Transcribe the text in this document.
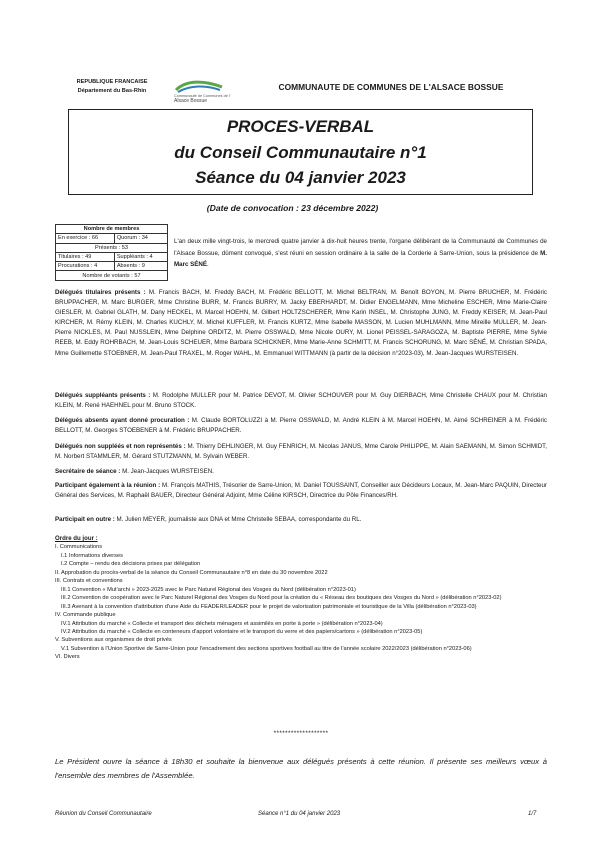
REPUBLIQUE FRANCAISE
Département du Bas-Rhin
Communauté de Communes de l'
Alsace Bossue
COMMUNAUTE DE COMMUNES DE L'ALSACE BOSSUE
PROCES-VERBAL
du Conseil Communautaire n°1
Séance du 04 janvier 2023
(Date de convocation : 23 décembre 2022)
Nombre de membres	
En exercice : 66	Quorum : 34
Présents : 53	
Titulaires : 49	Suppléants : 4
Procurations : 4	Absents : 9
Nombre de votants : 57	
L'an deux mille vingt-trois, le mercredi quatre janvier à dix-huit heures trente, l'organe délibérant de la Communauté de Communes de l'Alsace Bossue, dûment convoqué, s'est réuni en session ordinaire à la salle de la Corderie à Sarre-Union, sous la présidence de M. Marc SÉNÉ.
Délégués titulaires présents : M. Francis BACH, M. Freddy BACH, M. Frédéric BELLOTT, M. Michel BELTRAN, M. Benoît BOYON, M. Pierre BRUCHER, M. Frédéric BRUPPACHER, M. Marc BURGER, Mme Christine BURR, M. Francis BURRY, M. Jacky EBERHARDT, M. Didier ENGELMANN, Mme Micheline ESCHER, Mme Marie-Claire GIESLER, M. Gabriel GLATH, M. Dany HECKEL, M. Marcel HOEHN, M. Gilbert HOLTZSCHERER, Mme Karin INSEL, M. Christophe JUNG, M. Freddy KEISER, M. Jean-Paul KIRCHER, M. Rémy KLEIN, M. Charles KUCHLY, M. Michel KUFFLER, M. Francis KURTZ, Mme Isabelle MASSON, M. Lucien MUHLMANN, Mme Mireille MULLER, M. Jean-Pierre NICKLES, M. Paul NUSSLEIN, Mme Delphine ORDITZ, M. Pierre OSSWALD, Mme Nicole OURY, M. Lionel PEISSEL-SARAGOZA, M. Baptiste PIERRE, Mme Sylvie REEB, M. Eddy ROHRBACH, M. Jean-Louis SCHEUER, Mme Barbara SCHICKNER, Mme Marie-Anne SCHMITT, M. Francis SCHORUNG, M. Marc SÉNÉ, M. Christian SPADA, Mme Guillemette STOEBNER, M. Jean-Paul TRAXEL, M. Roger WAHL, M. Emmanuel WITTMANN (à partir de la décision n°2023-03), M. Jean-Jacques WURSTEISEN.
Délégués suppléants présents : M. Rodolphe MULLER pour M. Patrice DEVOT, M. Olivier SCHOUVER pour M. Guy DIERBACH, Mme Christelle CHAUX pour M. Christian KLEIN, M. René HAEHNEL pour M. Bruno STOCK.
Délégués absents ayant donné procuration : M. Claude BORTOLUZZI à M. Pierre OSSWALD, M. André KLEIN à M. Marcel HOEHN, M. Aimé SCHREINER à M. Frédéric BELLOTT, M. Georges STOEBENER à M. Frédéric BRUPPACHER.
Délégués non suppléés et non représentés : M. Thierry DEHLINGER, M. Guy FENRICH, M. Nicolas JANUS, Mme Carole PHILIPPE, M. Alain SAEMANN, M. Simon SCHMIDT, M. Norbert STAMMLER, M. Gérard STUTZMANN, M. Sylvain WEBER.
Secrétaire de séance : M. Jean-Jacques WURSTEISEN.
Participant également à la réunion : M. François MATHIS, Trésorier de Sarre-Union, M. Daniel TOUSSAINT, Conseiller aux Décideurs Locaux, M. Jean-Marc PAQUIN, Directeur Général des Services, M. Raphaël BAUER, Directeur Général Adjoint, Mme Céline KIRSCH, Directrice du Pôle Finances/RH.
Participait en outre : M. Julien MEYER, journaliste aux DNA et Mme Christelle SEBAA, correspondante du RL.
Ordre du jour :
I. Communications
I.1 Informations diverses
I.2 Compte – rendu des décisions prises par délégation
II. Approbation du procès-verbal de la séance du Conseil Communautaire n°8 en date du 30 novembre 2022
III. Contrats et conventions
III.1 Convention « Mut'archi » 2023-2025 avec le Parc Naturel Régional des Vosges du Nord (délibération n°2023-01)
III.2 Convention de coopération avec le Parc Naturel Régional des Vosges du Nord pour la création du « Réseau des boutiques des Vosges du Nord » (délibération n°2023-02)
III.3 Avenant à la convention d'attribution d'une Aide du FEADER/LEADER pour le projet de valorisation patrimoniale et touristique de la Villa (délibération n°2023-03)
IV. Commande publique
IV.1 Attribution du marché « Collecte et transport des déchets ménagers et assimilés en porte à porte » (délibération n°2023-04)
IV.2 Attribution du marché « Collecte en conteneurs d'apport volontaire et le transport du verre et des papiers/cartons » (délibération n°2023-05)
V. Subventions aux organismes de droit privés
V.1 Subvention à l'Union Sportive de Sarre-Union pour l'encadrement des sections sportives football au titre de l'année scolaire 2022/2023 (délibération n°2023-06)
VI. Divers
*******************
Le Président ouvre la séance à 18h30 et souhaite la bienvenue aux délégués présents à cette réunion. Il présente ses meilleurs vœux à l'ensemble des membres de l'Assemblée.
Réunion du Conseil Communautaire	Séance n°1 du 04 janvier 2023	1/7
